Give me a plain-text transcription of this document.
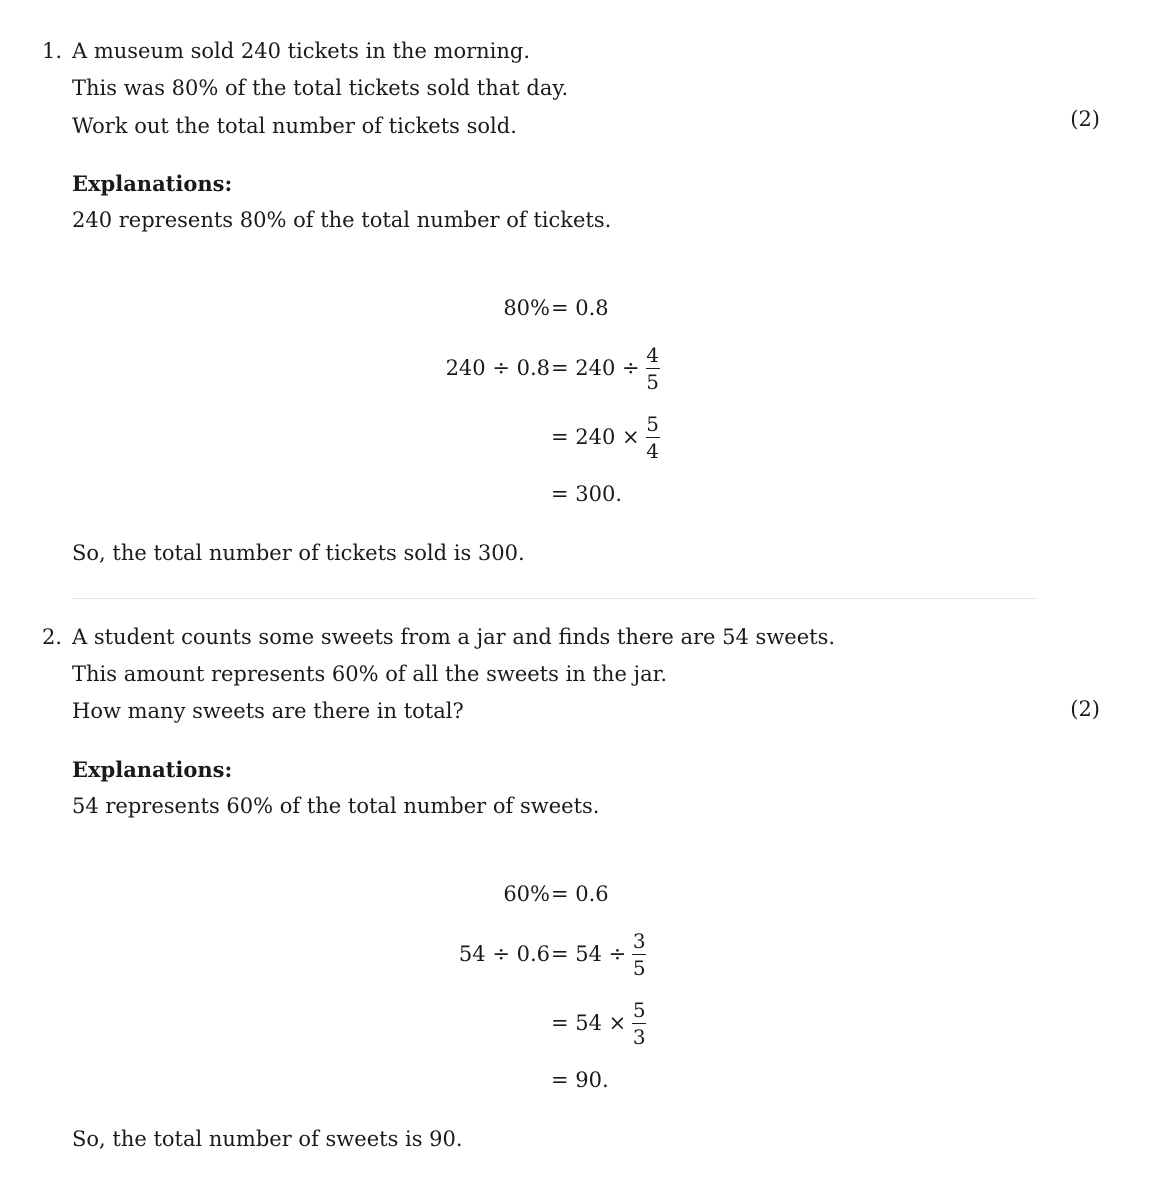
1. A museum sold 240 tickets in the morning.
This was 80% of the total tickets sold that day.
Work out the total number of tickets sold.	(2)
Explanations:
240 represents 80% of the total number of tickets.
80% = 0.8
$240 \div 0.8 = 240 \div \frac{4}{5}$
= $240 \times \frac{5}{4}$
= 300.
So, the total number of tickets sold is 300.
2. A student counts some sweets from a jar and finds there are 54 sweets.
This amount represents 60% of all the sweets in the jar.
How many sweets are there in total?	(2)
Explanations:
54 represents 60% of the total number of sweets.
60% = 0.6
$54 \div 0.6 = 54 \div \frac{3}{5}$
= $54 \times \frac{5}{3}$
= 90.
So, the total number of sweets is 90.
